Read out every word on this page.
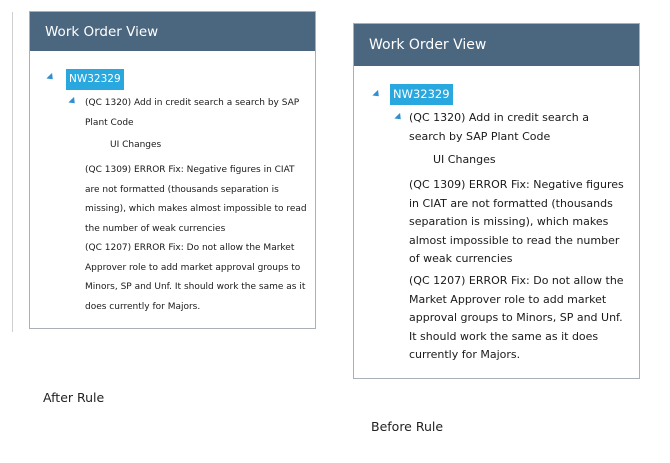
Work Order View
NW32329
(QC 1320) Add in credit search a search by SAP Plant Code
UI Changes
(QC 1309) ERROR Fix: Negative figures in CIAT are not formatted (thousands separation is missing), which makes almost impossible to read the number of weak currencies
(QC 1207) ERROR Fix: Do not allow the Market Approver role to add market approval groups to Minors, SP and Unf. It should work the same as it does currently for Majors.
Work Order View
NW32329
(QC 1320) Add in credit search a search by SAP Plant Code
UI Changes
(QC 1309) ERROR Fix: Negative figures in CIAT are not formatted (thousands separation is missing), which makes almost impossible to read the number of weak currencies
(QC 1207) ERROR Fix: Do not allow the Market Approver role to add market approval groups to Minors, SP and Unf. It should work the same as it does currently for Majors.
After Rule
Before Rule
